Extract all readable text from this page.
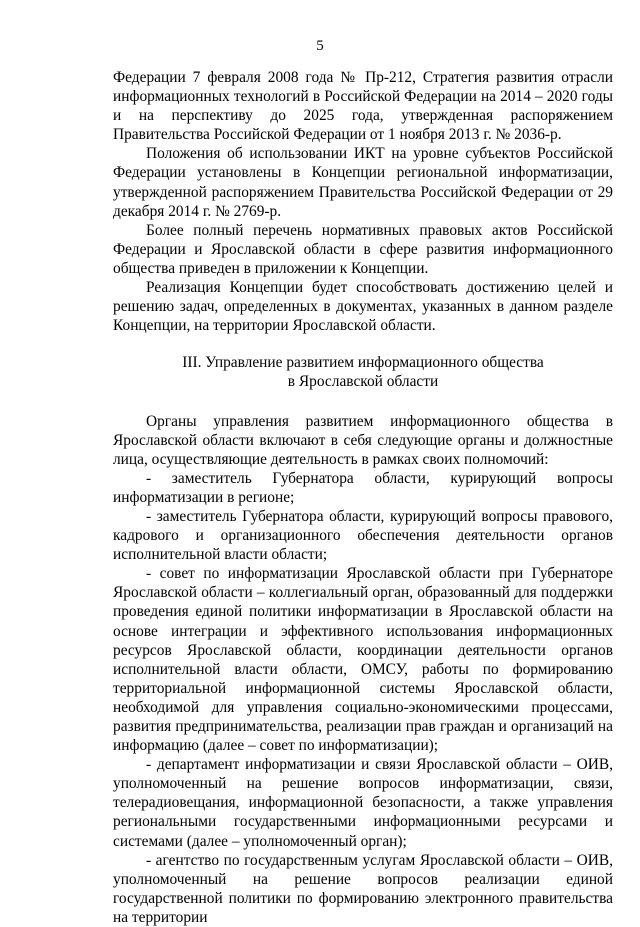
5

Федерации 7 февраля 2008 года № Пр-212, Стратегия развития отрасли информационных технологий в Российской Федерации на 2014 – 2020 годы и на перспективу до 2025 года, утвержденная распоряжением Правительства Российской Федерации от 1 ноября 2013 г. № 2036-р.

Положения об использовании ИКТ на уровне субъектов Российской Федерации установлены в Концепции региональной информатизации, утвержденной распоряжением Правительства Российской Федерации от 29 декабря 2014 г. № 2769-р.

Более полный перечень нормативных правовых актов Российской Федерации и Ярославской области в сфере развития информационного общества приведен в приложении к Концепции.

Реализация Концепции будет способствовать достижению целей и решению задач, определенных в документах, указанных в данном разделе Концепции, на территории Ярославской области.

III. Управление развитием информационного общества
в Ярославской области

Органы управления развитием информационного общества в Ярославской области включают в себя следующие органы и должностные лица, осуществляющие деятельность в рамках своих полномочий:

- заместитель Губернатора области, курирующий вопросы информатизации в регионе;

- заместитель Губернатора области, курирующий вопросы правового, кадрового и организационного обеспечения деятельности органов исполнительной власти области;

- совет по информатизации Ярославской области при Губернаторе Ярославской области – коллегиальный орган, образованный для поддержки проведения единой политики информатизации в Ярославской области на основе интеграции и эффективного использования информационных ресурсов Ярославской области, координации деятельности органов исполнительной власти области, ОМСУ, работы по формированию территориальной информационной системы Ярославской области, необходимой для управления социально-экономическими процессами, развития предпринимательства, реализации прав граждан и организаций на информацию (далее – совет по информатизации);

- департамент информатизации и связи Ярославской области – ОИВ, уполномоченный на решение вопросов информатизации, связи, телерадиовещания, информационной безопасности, а также управления региональными государственными информационными ресурсами и системами (далее – уполномоченный орган);

- агентство по государственным услугам Ярославской области – ОИВ, уполномоченный на решение вопросов реализации единой государственной политики по формированию электронного правительства на территории
